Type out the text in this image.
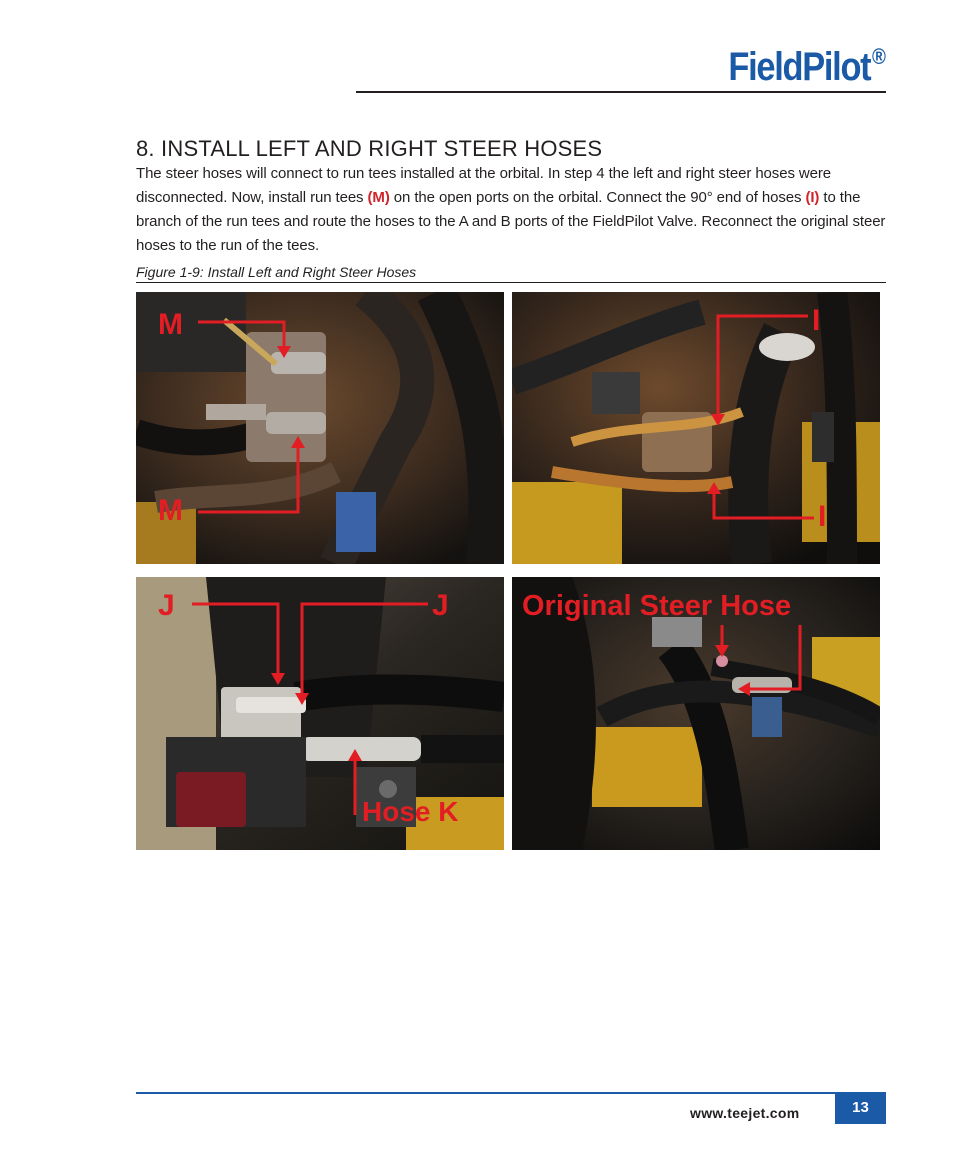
FieldPilot®
8. INSTALL LEFT AND RIGHT STEER HOSES
The steer hoses will connect to run tees installed at the orbital. In step 4 the left and right steer hoses were disconnected. Now, install run tees (M) on the open ports on the orbital. Connect the 90° end of hoses (I) to the branch of the run tees and route the hoses to the A and B ports of the FieldPilot Valve. Reconnect the original steer hoses to the run of the tees.
Figure 1-9: Install Left and Right Steer Hoses
M
M
I
I
J	J
Hose K
Original Steer Hose
www.teejet.com	13
